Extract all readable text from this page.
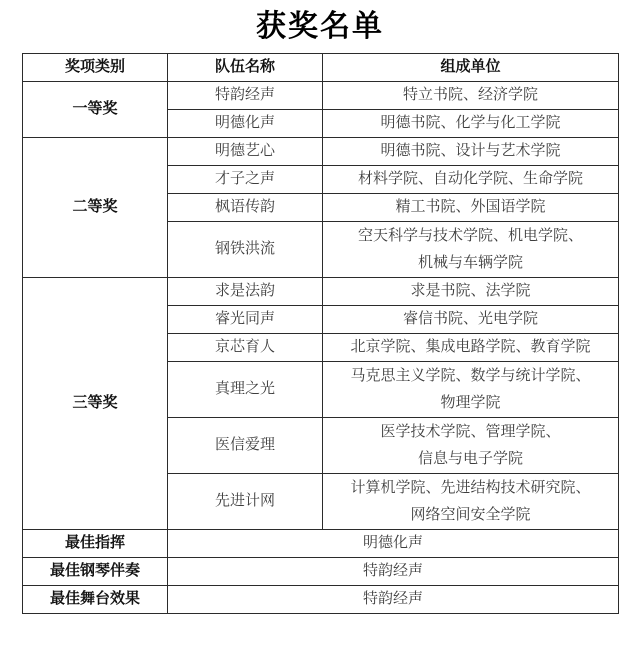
获奖名单
奖项类别	队伍名称	组成单位
一等奖	特韵经声	特立书院、经济学院
	明德化声	明德书院、化学与化工学院
二等奖	明德艺心	明德书院、设计与艺术学院
	才子之声	材料学院、自动化学院、生命学院
	枫语传韵	精工书院、外国语学院
	钢铁洪流	空天科学与技术学院、机电学院、
机械与车辆学院

三等奖	求是法韵	求是书院、法学院
	睿光同声	睿信书院、光电学院
	京芯育人	北京学院、集成电路学院、教育学院
	真理之光	马克思主义学院、数学与统计学院、
物理学院

	医信爱理	医学技术学院、管理学院、
信息与电子学院

	先进计网	计算机学院、先进结构技术研究院、
网络空间安全学院

最佳指挥	明德化声	
最佳钢琴伴奏	特韵经声	
最佳舞台效果	特韵经声	
